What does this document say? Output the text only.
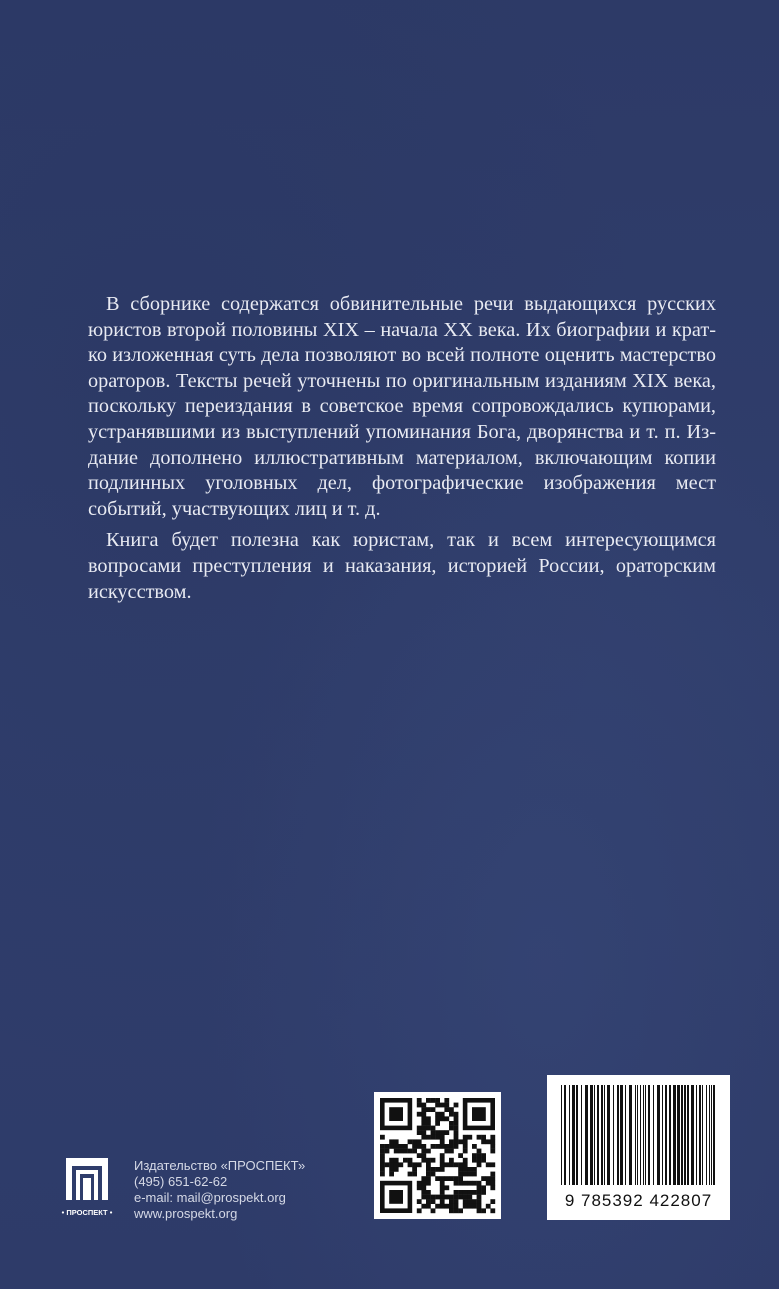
В сборнике содержатся обвинительные речи выдающихся русских юристов второй половины XIX – начала XX века. Их биографии и кратко изложенная суть дела позволяют во всей полноте оценить мастерство ораторов. Тексты речей уточнены по оригинальным изданиям XIX века, поскольку переиздания в советское время сопровождались купюрами, устранявшими из выступлений упоминания Бога, дворянства и т. п. Издание дополнено иллюстративным материалом, включающим копии подлинных уголовных дел, фотографические изображения мест событий, участвующих лиц и т. д.

Книга будет полезна как юристам, так и всем интересующимся вопросами преступления и наказания, историей России, ораторским искусством.

• ПРОСПЕКТ •
Издательство «ПРОСПЕКТ»
(495) 651-62-62
e-mail: mail@prospekt.org
www.prospekt.org
9 785392 422807
